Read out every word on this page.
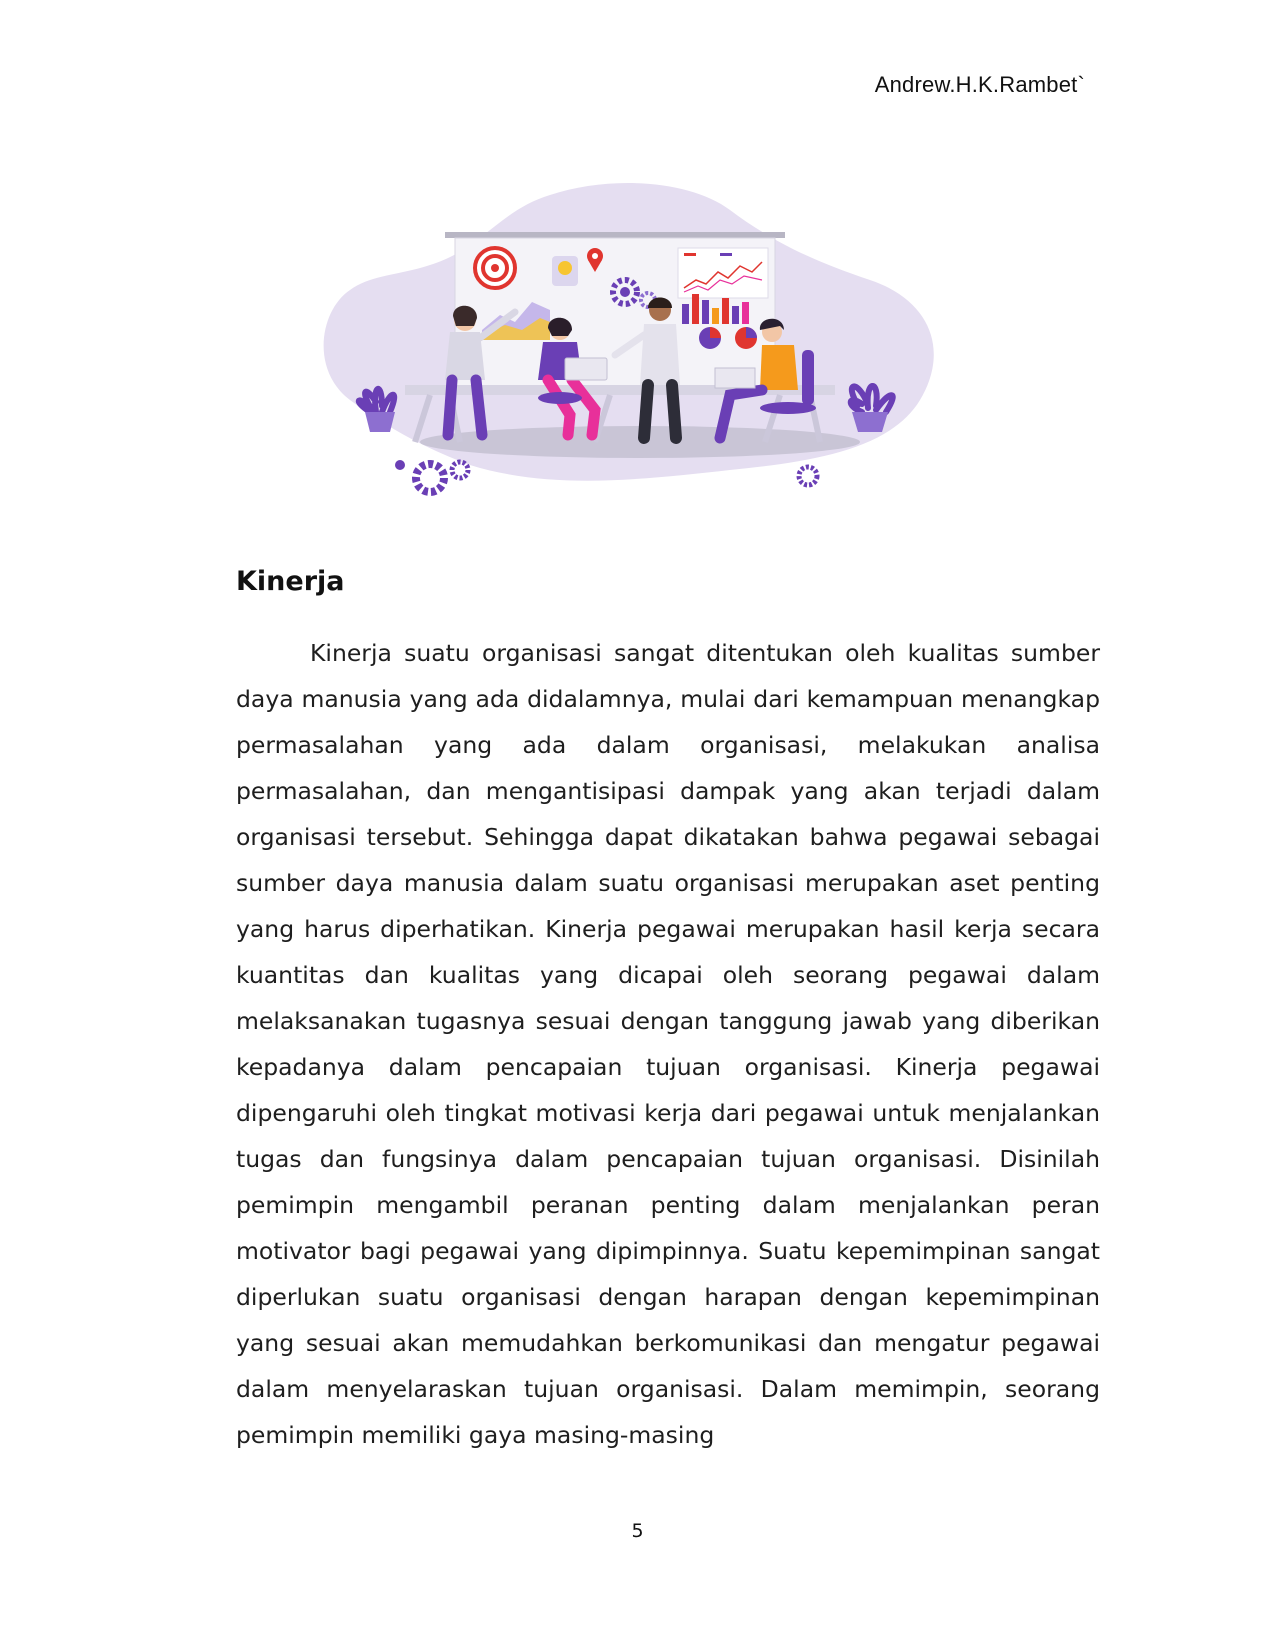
Andrew.H.K.Rambet`
Kinerja

Kinerja suatu organisasi sangat ditentukan oleh kualitas sumber daya manusia yang ada didalamnya, mulai dari kemampuan menangkap permasalahan yang ada dalam organisasi, melakukan analisa permasalahan, dan mengantisipasi dampak yang akan terjadi dalam organisasi tersebut. Sehingga dapat dikatakan bahwa pegawai sebagai sumber daya manusia dalam suatu organisasi merupakan aset penting yang harus diperhatikan. Kinerja pegawai merupakan hasil kerja secara kuantitas dan kualitas yang dicapai oleh seorang pegawai dalam melaksanakan tugasnya sesuai dengan tanggung jawab yang diberikan kepadanya dalam pencapaian tujuan organisasi. Kinerja pegawai dipengaruhi oleh tingkat motivasi kerja dari pegawai untuk menjalankan tugas dan fungsinya dalam pencapaian tujuan organisasi. Disinilah pemimpin mengambil peranan penting dalam menjalankan peran motivator bagi pegawai yang dipimpinnya. Suatu kepemimpinan sangat diperlukan suatu organisasi dengan harapan dengan kepemimpinan yang sesuai akan memudahkan berkomunikasi dan mengatur pegawai dalam menyelaraskan tujuan organisasi. Dalam memimpin, seorang pemimpin memiliki gaya masing-masing

5
